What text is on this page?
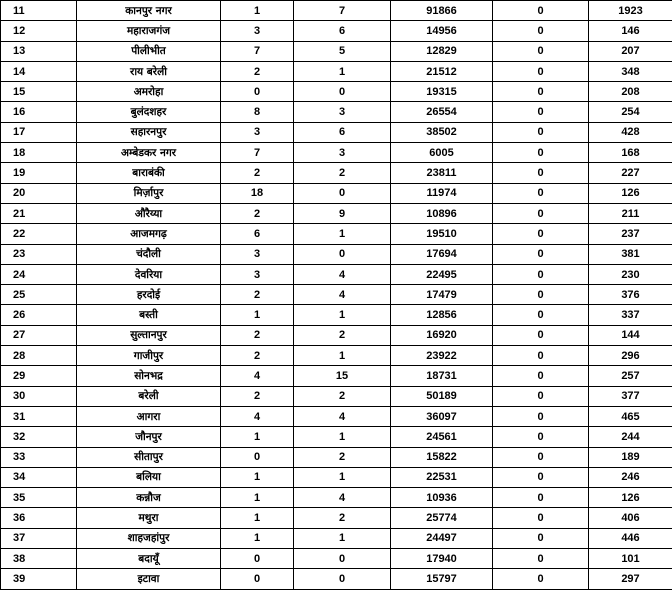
11	कानपुर नगर	1	7	91866	0	1923	
12	महाराजगंज	3	6	14956	0	146	
13	पीलीभीत	7	5	12829	0	207	
14	राय बरेली	2	1	21512	0	348	
15	अमरोहा	0	0	19315	0	208	
16	बुलंदशहर	8	3	26554	0	254	
17	सहारनपुर	3	6	38502	0	428	
18	अम्बेडकर नगर	7	3	6005	0	168	
19	बाराबंकी	2	2	23811	0	227	
20	मिर्ज़ापुर	18	0	11974	0	126	
21	औरैय्या	2	9	10896	0	211	
22	आजमगढ़	6	1	19510	0	237	
23	चंदौली	3	0	17694	0	381	
24	देवरिया	3	4	22495	0	230	
25	हरदोई	2	4	17479	0	376	
26	बस्ती	1	1	12856	0	337	
27	सुल्तानपुर	2	2	16920	0	144	
28	गाजीपुर	2	1	23922	0	296	
29	सोनभद्र	4	15	18731	0	257	
30	बरेली	2	2	50189	0	377	
31	आगरा	4	4	36097	0	465	
32	जौनपुर	1	1	24561	0	244	
33	सीतापुर	0	2	15822	0	189	
34	बलिया	1	1	22531	0	246	
35	कन्नौज	1	4	10936	0	126	
36	मथुरा	1	2	25774	0	406	
37	शाहजहांपुर	1	1	24497	0	446	
38	बदायूँ	0	0	17940	0	101	
39	इटावा	0	0	15797	0	297	
